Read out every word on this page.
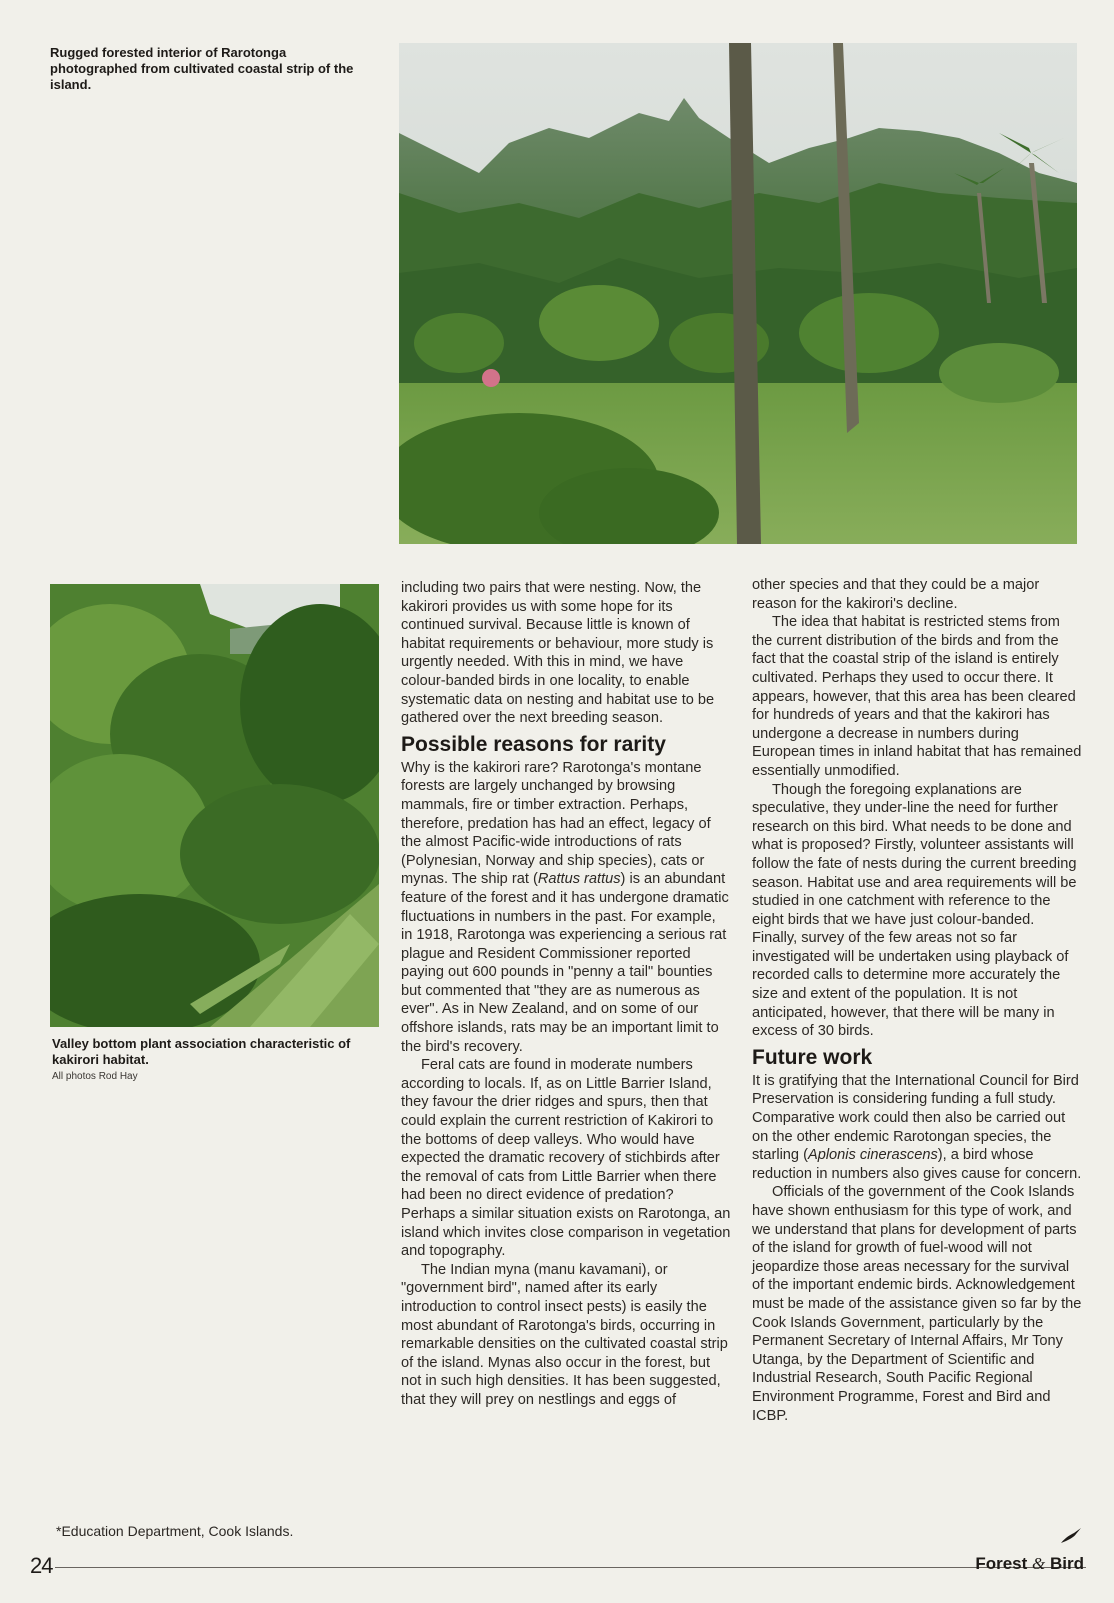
Rugged forested interior of Rarotonga photographed from cultivated coastal strip of the island.
Valley bottom plant association characteristic of kakirori habitat.
All photos Rod Hay
*Education Department, Cook Islands.

including two pairs that were nesting. Now, the kakirori provides us with some hope for its continued survival. Because little is known of habitat requirements or behaviour, more study is urgently needed. With this in mind, we have colour-banded birds in one locality, to enable systematic data on nesting and habitat use to be gathered over the next breeding season.

Possible reasons for rarity

Why is the kakirori rare? Rarotonga's montane forests are largely unchanged by browsing mammals, fire or timber extraction. Perhaps, therefore, predation has had an effect, legacy of the almost Pacific-wide introductions of rats (Polynesian, Norway and ship species), cats or mynas. The ship rat (Rattus rattus) is an abundant feature of the forest and it has undergone dramatic fluctuations in numbers in the past. For example, in 1918, Rarotonga was experiencing a serious rat plague and Resident Commissioner reported paying out 600 pounds in "penny a tail" bounties but commented that "they are as numerous as ever". As in New Zealand, and on some of our offshore islands, rats may be an important limit to the bird's recovery.

Feral cats are found in moderate numbers according to locals. If, as on Little Barrier Island, they favour the drier ridges and spurs, then that could explain the current restriction of Kakirori to the bottoms of deep valleys. Who would have expected the dramatic recovery of stichbirds after the removal of cats from Little Barrier when there had been no direct evidence of predation? Perhaps a similar situation exists on Rarotonga, an island which invites close comparison in vegetation and topography.

The Indian myna (manu kavamani), or "government bird", named after its early introduction to control insect pests) is easily the most abundant of Rarotonga's birds, occurring in remarkable densities on the cultivated coastal strip of the island. Mynas also occur in the forest, but not in such high densities. It has been suggested, that they will prey on nestlings and eggs of

other species and that they could be a major reason for the kakirori's decline.

The idea that habitat is restricted stems from the current distribution of the birds and from the fact that the coastal strip of the island is entirely cultivated. Perhaps they used to occur there. It appears, however, that this area has been cleared for hundreds of years and that the kakirori has undergone a decrease in numbers during European times in inland habitat that has remained essentially unmodified.

Though the foregoing explanations are speculative, they under-line the need for further research on this bird. What needs to be done and what is proposed? Firstly, volunteer assistants will follow the fate of nests during the current breeding season. Habitat use and area requirements will be studied in one catchment with reference to the eight birds that we have just colour-banded. Finally, survey of the few areas not so far investigated will be undertaken using playback of recorded calls to determine more accurately the size and extent of the population. It is not anticipated, however, that there will be many in excess of 30 birds.

Future work

It is gratifying that the International Council for Bird Preservation is considering funding a full study. Comparative work could then also be carried out on the other endemic Rarotongan species, the starling (Aplonis cinerascens), a bird whose reduction in numbers also gives cause for concern.

Officials of the government of the Cook Islands have shown enthusiasm for this type of work, and we understand that plans for development of parts of the island for growth of fuel-wood will not jeopardize those areas necessary for the survival of the important endemic birds. Acknowledgement must be made of the assistance given so far by the Cook Islands Government, particularly by the Permanent Secretary of Internal Affairs, Mr Tony Utanga, by the Department of Scientific and Industrial Research, South Pacific Regional Environment Programme, Forest and Bird and ICBP.

24	Forest & Bird
